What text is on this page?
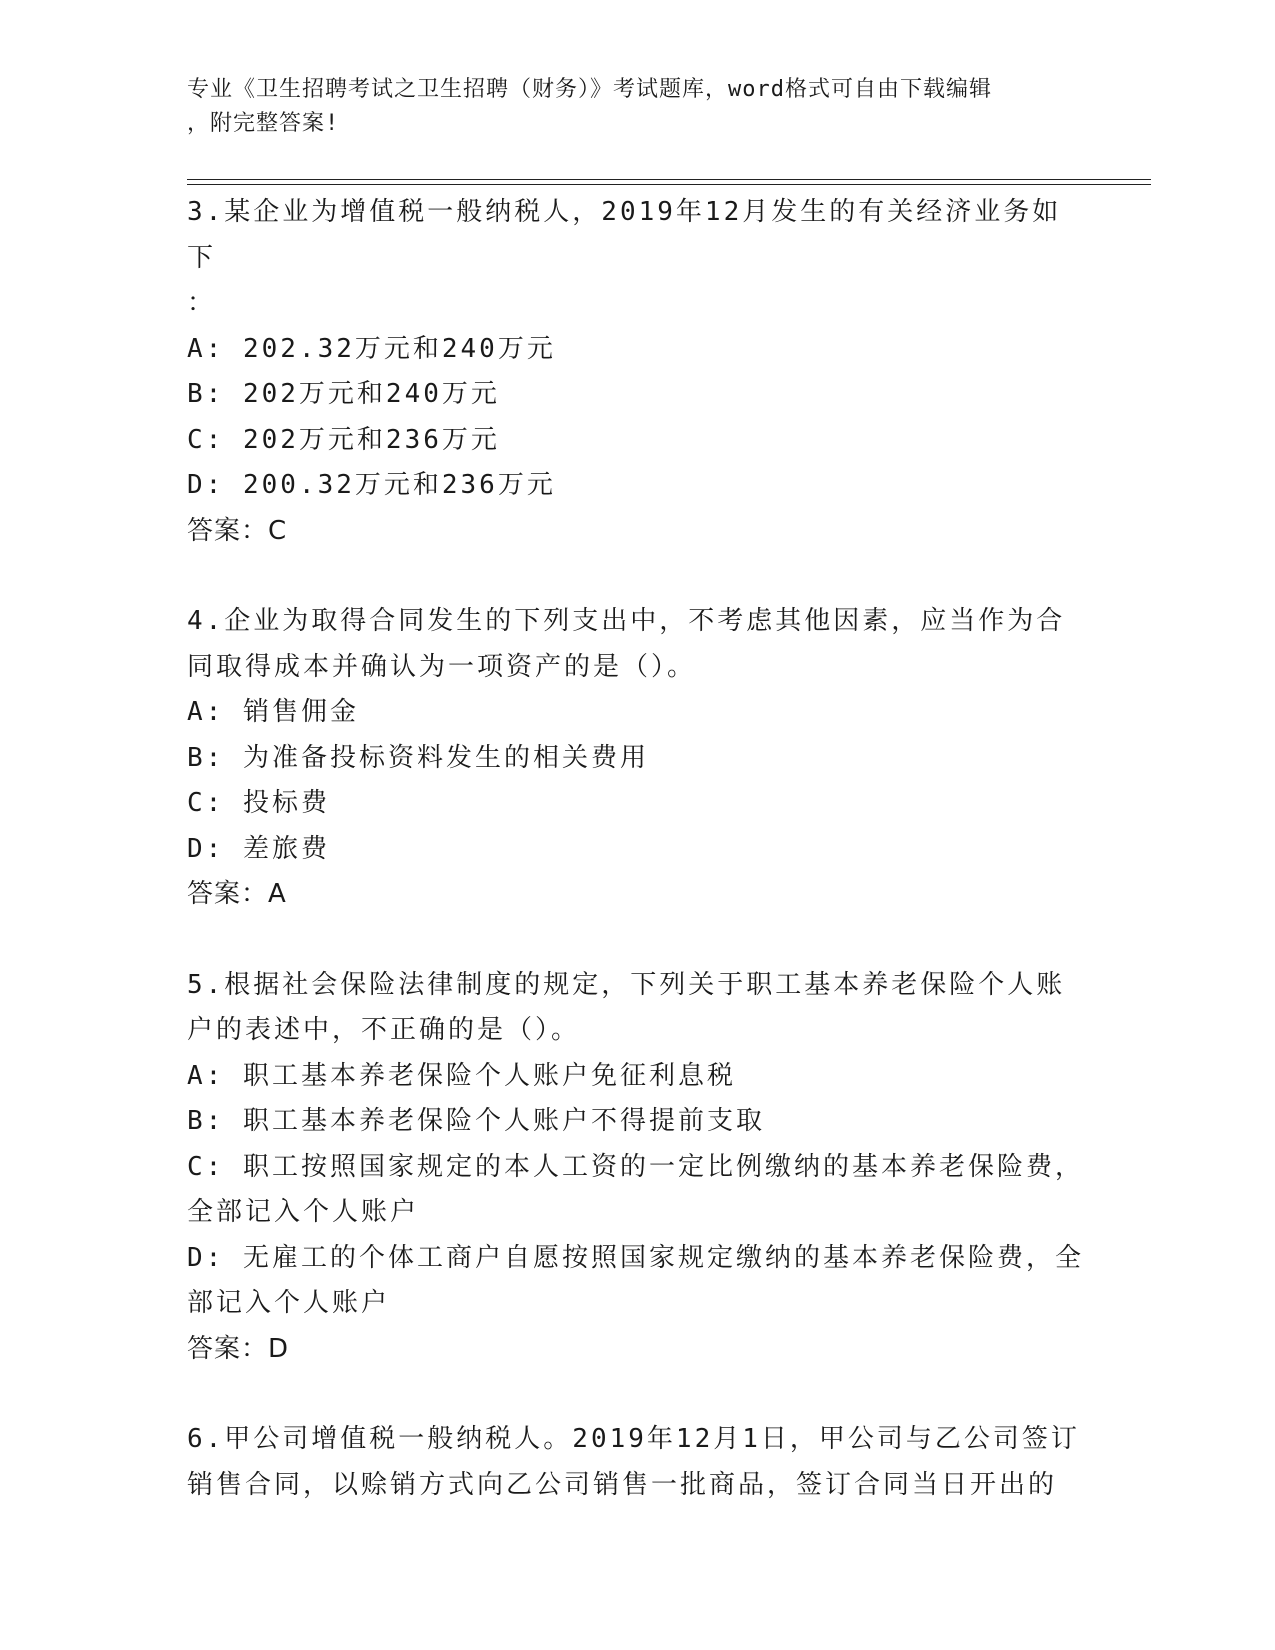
专业《卫生招聘考试之卫生招聘（财务）》考试题库，word格式可自由下载编辑
，附完整答案!

3.某企业为增值税一般纳税人，2019年12月发生的有关经济业务如下

：

A: 202.32万元和240万元

B: 202万元和240万元

C: 202万元和236万元

D: 200.32万元和236万元

答案：C

4.企业为取得合同发生的下列支出中，不考虑其他因素，应当作为合

同取得成本并确认为一项资产的是（）。

A: 销售佣金

B: 为准备投标资料发生的相关费用

C: 投标费

D: 差旅费

答案：A

5.根据社会保险法律制度的规定，下列关于职工基本养老保险个人账

户的表述中，不正确的是（）。

A: 职工基本养老保险个人账户免征利息税

B: 职工基本养老保险个人账户不得提前支取

C: 职工按照国家规定的本人工资的一定比例缴纳的基本养老保险费，
全部记入个人账户

D: 无雇工的个体工商户自愿按照国家规定缴纳的基本养老保险费，全
部记入个人账户

答案：D

6.甲公司增值税一般纳税人。2019年12月1日，甲公司与乙公司签订

销售合同，以赊销方式向乙公司销售一批商品，签订合同当日开出的
